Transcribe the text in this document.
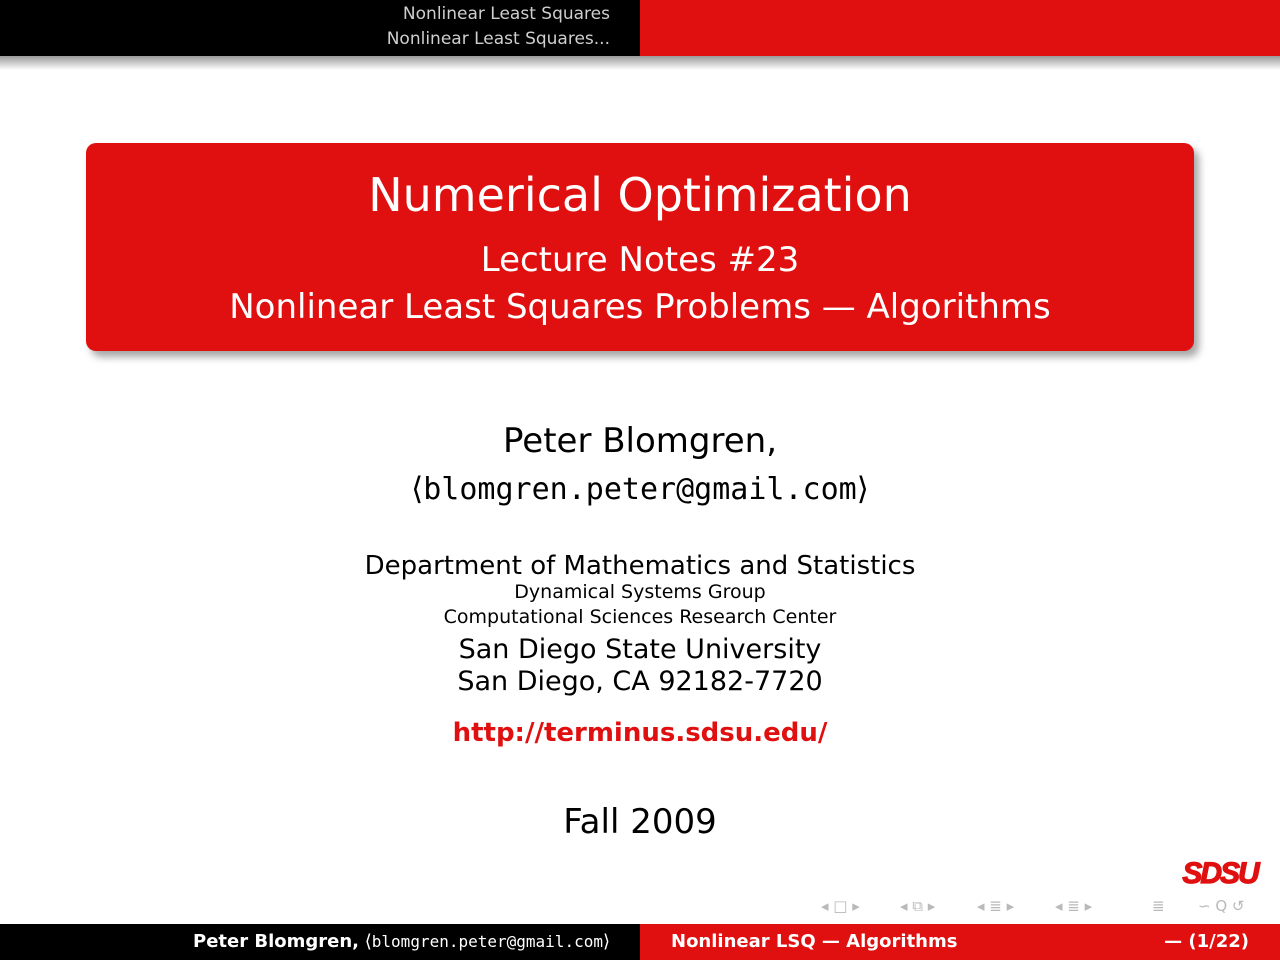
Nonlinear Least Squares
Nonlinear Least Squares...
Numerical Optimization
Lecture Notes #23
Nonlinear Least Squares Problems — Algorithms
Peter Blomgren,
⟨blomgren.peter@gmail.com⟩
Department of Mathematics and Statistics
Dynamical Systems Group
Computational Sciences Research Center
San Diego State University
San Diego, CA 92182-7720
http://terminus.sdsu.edu/
Fall 2009
SDSU
◂ □ ▸	◂ ⧉ ▸	◂ ≣ ▸	◂ ≣ ▸	≣ ∽ Q ↺
Peter Blomgren, ⟨blomgren.peter@gmail.com⟩	Nonlinear LSQ — Algorithms	— (1/22)
